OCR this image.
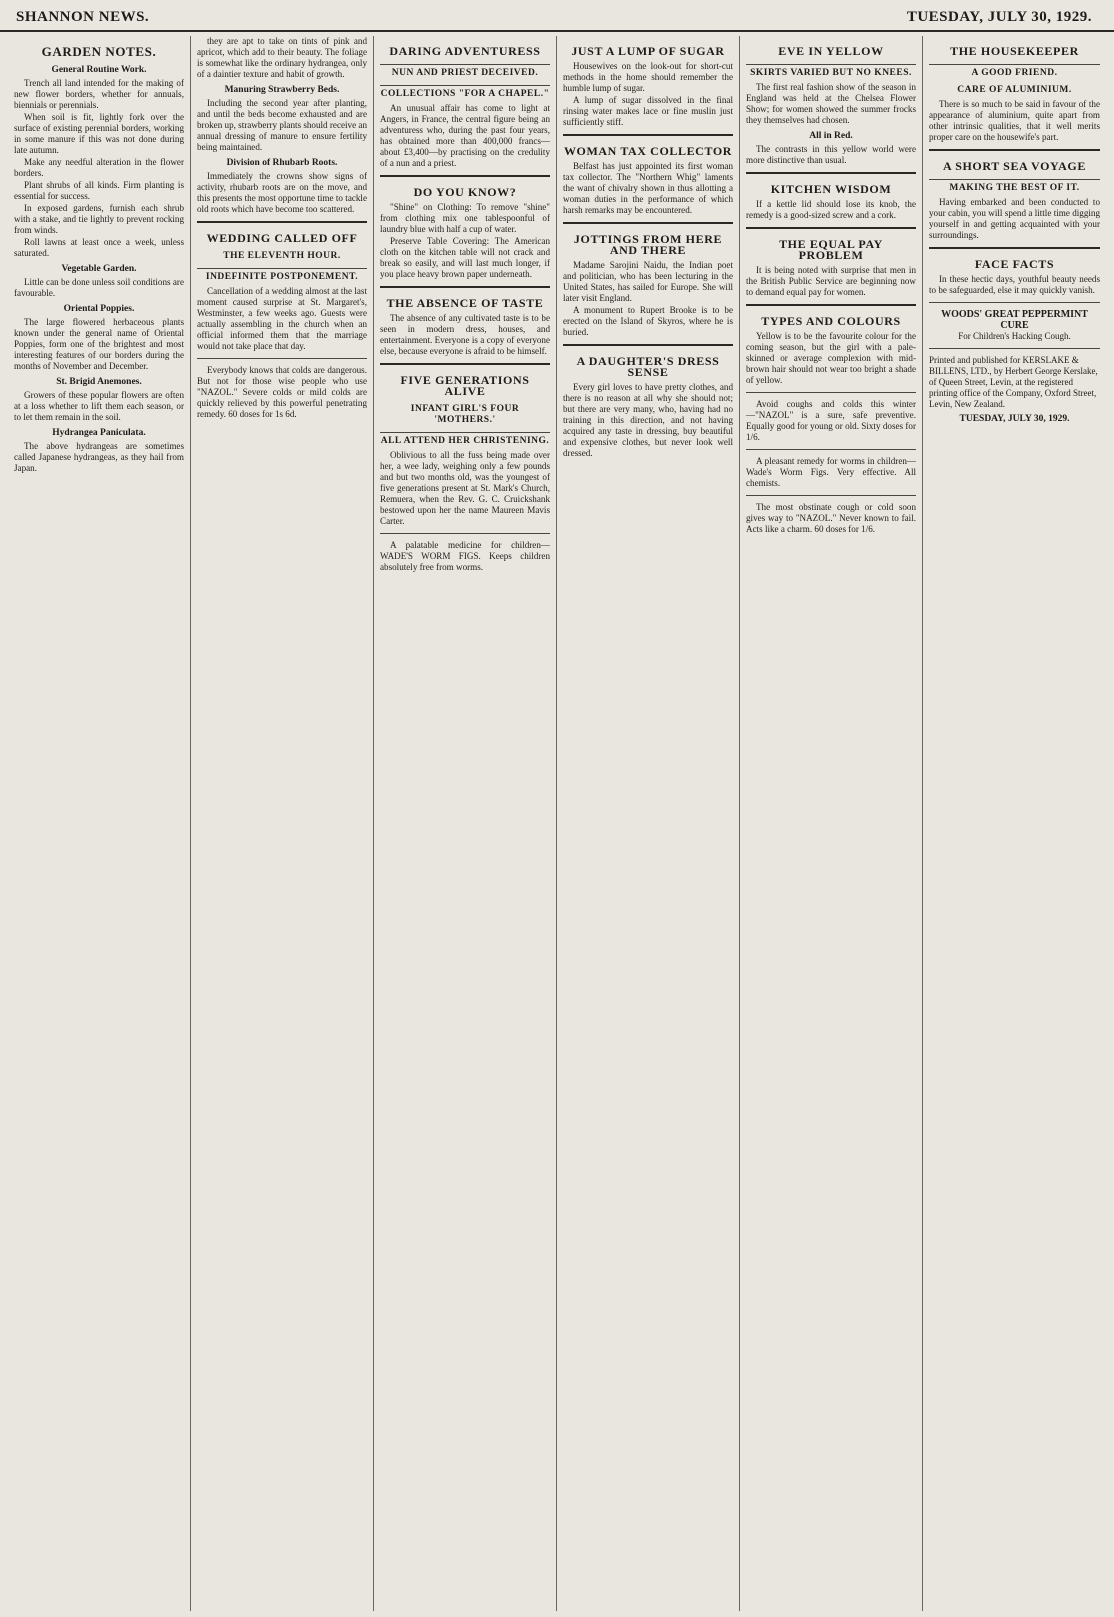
SHANNON NEWS.	TUESDAY, JULY 30, 1929.
GARDEN NOTES.
General Routine Work.

Trench all land intended for the making of new flower borders, whether for annuals, biennials or perennials.

When soil is fit, lightly fork over the surface of existing perennial borders, working in some manure if this was not done during late autumn.

Make any needful alteration in the flower borders.

Plant shrubs of all kinds. Firm planting is essential for success.

In exposed gardens, furnish each shrub with a stake, and tie lightly to prevent rocking from winds.

Roll lawns at least once a week, unless saturated.

Vegetable Garden.

Little can be done unless soil conditions are favourable.

Oriental Poppies.

The large flowered herbaceous plants known under the general name of Oriental Poppies, form one of the brightest and most interesting features of our borders during the months of November and December.

St. Brigid Anemones.

Growers of these popular flowers are often at a loss whether to lift them each season, or to let them remain in the soil.

Hydrangea Paniculata.

The above hydrangeas are sometimes called Japanese hydrangeas, as they hail from Japan.

they are apt to take on tints of pink and apricot, which add to their beauty. The foliage is somewhat like the ordinary hydrangea, only of a daintier texture and habit of growth.

Manuring Strawberry Beds.

Including the second year after planting, and until the beds become exhausted and are broken up, strawberry plants should receive an annual dressing of manure to ensure fertility being maintained.

Division of Rhubarb Roots.

Immediately the crowns show signs of activity, rhubarb roots are on the move, and this presents the most opportune time to tackle old roots which have become too scattered.

WEDDING CALLED OFF
THE ELEVENTH HOUR.
INDEFINITE POSTPONEMENT.

Cancellation of a wedding almost at the last moment caused surprise at St. Margaret's, Westminster, a few weeks ago. Guests were actually assembling in the church when an official informed them that the marriage would not take place that day.

Everybody knows that colds are dangerous. But not for those wise people who use "NAZOL." Severe colds or mild colds are quickly relieved by this powerful penetrating remedy. 60 doses for 1s 6d.

DARING ADVENTURESS
NUN AND PRIEST DECEIVED.
COLLECTIONS "FOR A CHAPEL."

An unusual affair has come to light at Angers, in France, the central figure being an adventuress who, during the past four years, has obtained more than 400,000 francs—about £3,400—by practising on the credulity of a nun and a priest.

DO YOU KNOW?

"Shine" on Clothing: To remove "shine" from clothing mix one tablespoonful of laundry blue with half a cup of water.

Preserve Table Covering: The American cloth on the kitchen table will not crack and break so easily, and will last much longer, if you place heavy brown paper underneath.

THE ABSENCE OF TASTE

The absence of any cultivated taste is to be seen in modern dress, houses, and entertainment. Everyone is a copy of everyone else, because everyone is afraid to be himself.

FIVE GENERATIONS ALIVE
INFANT GIRL'S FOUR 'MOTHERS.'
ALL ATTEND HER CHRISTENING.

Oblivious to all the fuss being made over her, a wee lady, weighing only a few pounds and but two months old, was the youngest of five generations present at St. Mark's Church, Remuera, when the Rev. G. C. Cruickshank bestowed upon her the name Maureen Mavis Carter.

A palatable medicine for children—WADE'S WORM FIGS. Keeps children absolutely free from worms.

JUST A LUMP OF SUGAR

Housewives on the look-out for short-cut methods in the home should remember the humble lump of sugar.

A lump of sugar dissolved in the final rinsing water makes lace or fine muslin just sufficiently stiff.

WOMAN TAX COLLECTOR

Belfast has just appointed its first woman tax collector. The "Northern Whig" laments the want of chivalry shown in thus allotting a woman duties in the performance of which harsh remarks may be encountered.

JOTTINGS FROM HERE AND THERE

Madame Sarojini Naidu, the Indian poet and politician, who has been lecturing in the United States, has sailed for Europe. She will later visit England.

A monument to Rupert Brooke is to be erected on the Island of Skyros, where he is buried.

A DAUGHTER'S DRESS SENSE

Every girl loves to have pretty clothes, and there is no reason at all why she should not; but there are very many, who, having had no training in this direction, and not having acquired any taste in dressing, buy beautiful and expensive clothes, but never look well dressed.

EVE IN YELLOW
SKIRTS VARIED BUT NO KNEES.

The first real fashion show of the season in England was held at the Chelsea Flower Show; for women showed the summer frocks they themselves had chosen.

All in Red.

The contrasts in this yellow world were more distinctive than usual.

KITCHEN WISDOM

If a kettle lid should lose its knob, the remedy is a good-sized screw and a cork.

THE EQUAL PAY PROBLEM

It is being noted with surprise that men in the British Public Service are beginning now to demand equal pay for women.

TYPES AND COLOURS

Yellow is to be the favourite colour for the coming season, but the girl with a pale-skinned or average complexion with mid-brown hair should not wear too bright a shade of yellow.

Avoid coughs and colds this winter—"NAZOL" is a sure, safe preventive. Equally good for young or old. Sixty doses for 1/6.

A pleasant remedy for worms in children—Wade's Worm Figs. Very effective. All chemists.

The most obstinate cough or cold soon gives way to "NAZOL." Never known to fail. Acts like a charm. 60 doses for 1/6.

THE HOUSEKEEPER
A GOOD FRIEND.
CARE OF ALUMINIUM.

There is so much to be said in favour of the appearance of aluminium, quite apart from other intrinsic qualities, that it well merits proper care on the housewife's part.

A SHORT SEA VOYAGE
MAKING THE BEST OF IT.

Having embarked and been conducted to your cabin, you will spend a little time digging yourself in and getting acquainted with your surroundings.

FACE FACTS

In these hectic days, youthful beauty needs to be safeguarded, else it may quickly vanish.

WOODS' GREAT PEPPERMINT CURE
For Children's Hacking Cough.
Printed and published for KERSLAKE & BILLENS, LTD., by Herbert George Kerslake, of Queen Street, Levin, at the registered printing office of the Company, Oxford Street, Levin, New Zealand.
TUESDAY, JULY 30, 1929.
